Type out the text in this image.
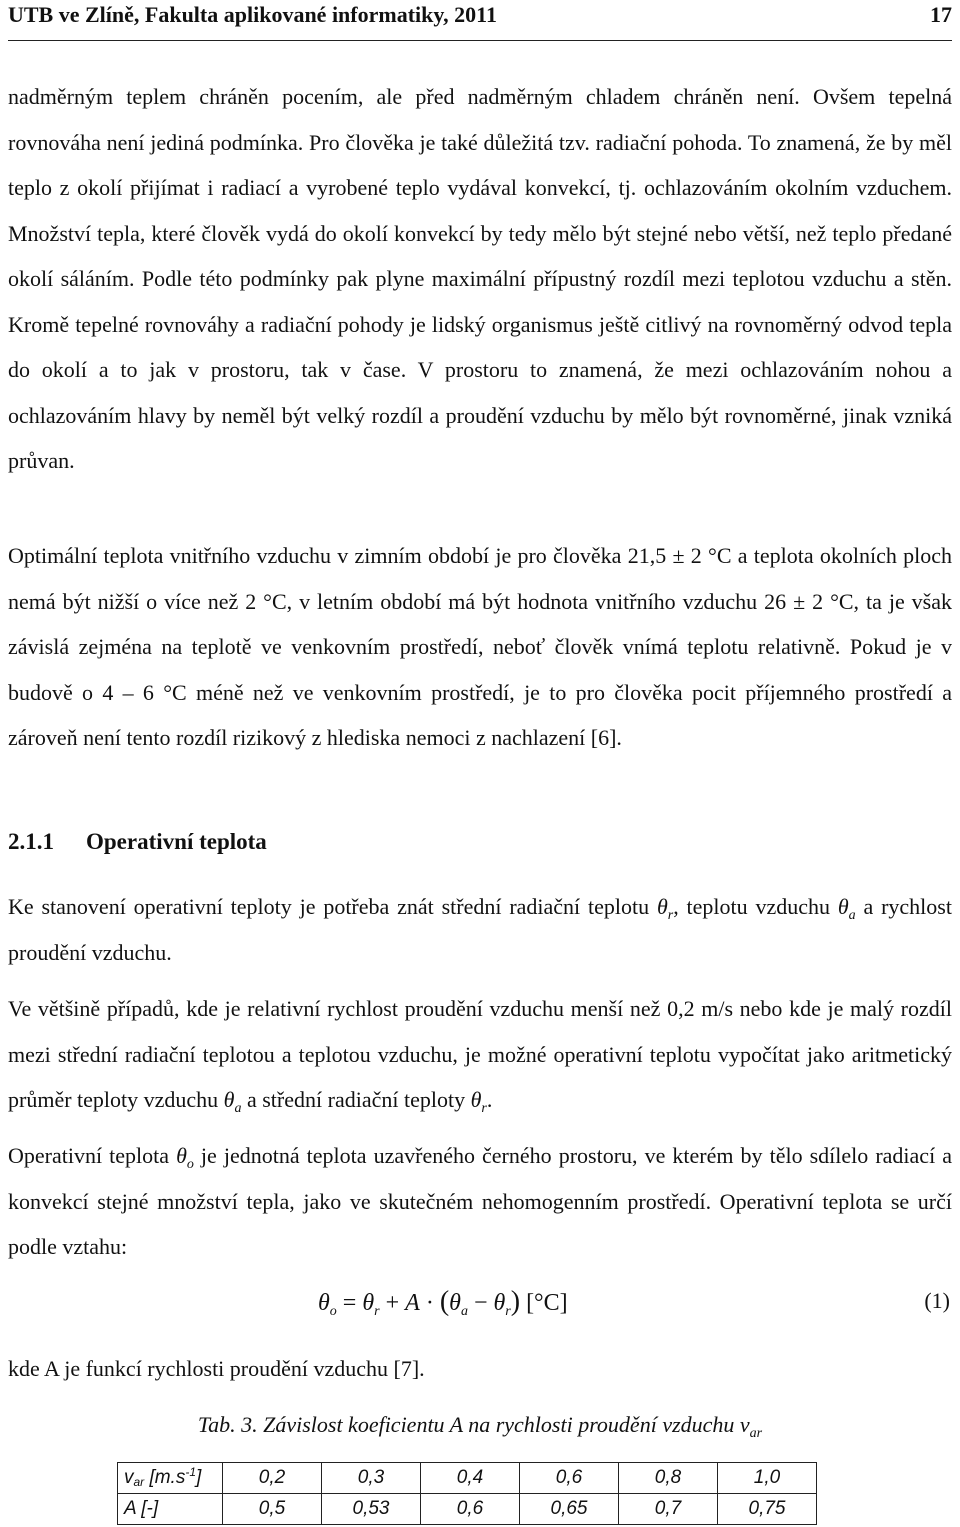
UTB ve Zlíně, Fakulta aplikované informatiky, 2011	17

nadměrným teplem chráněn pocením, ale před nadměrným chladem chráněn není. Ovšem tepelná rovnováha není jediná podmínka. Pro člověka je také důležitá tzv. radiační pohoda. To znamená, že by měl teplo z okolí přijímat i radiací a vyrobené teplo vydával konvekcí, tj. ochlazováním okolním vzduchem. Množství tepla, které člověk vydá do okolí konvekcí by tedy mělo být stejné nebo větší, než teplo předané okolí sáláním. Podle této podmínky pak plyne maximální přípustný rozdíl mezi teplotou vzduchu a stěn. Kromě tepelné rovnováhy a radiační pohody je lidský organismus ještě citlivý na rovnoměrný odvod tepla do okolí a to jak v prostoru, tak v čase. V prostoru to znamená, že mezi ochlazováním nohou a ochlazováním hlavy by neměl být velký rozdíl a proudění vzduchu by mělo být rovnoměrné, jinak vzniká průvan.

Optimální teplota vnitřního vzduchu v zimním období je pro člověka 21,5 ± 2 °C a teplota okolních ploch nemá být nižší o více než 2 °C, v letním období má být hodnota vnitřního vzduchu 26 ± 2 °C, ta je však závislá zejména na teplotě ve venkovním prostředí, neboť člověk vnímá teplotu relativně. Pokud je v budově o 4 – 6 °C méně než ve venkovním prostředí, je to pro člověka pocit příjemného prostředí a zároveň není tento rozdíl rizikový z hlediska nemoci z nachlazení [6].

2.1.1 Operativní teplota

Ke stanovení operativní teploty je potřeba znát střední radiační teplotu $\theta_r$, teplotu vzduchu $\theta_a$ a rychlost proudění vzduchu.

Ve většině případů, kde je relativní rychlost proudění vzduchu menší než 0,2 m/s nebo kde je malý rozdíl mezi střední radiační teplotou a teplotou vzduchu, je možné operativní teplotu vypočítat jako aritmetický průměr teploty vzduchu $\theta_a$ a střední radiační teploty $\theta_r$.

Operativní teplota $\theta_o$ je jednotná teplota uzavřeného černého prostoru, ve kterém by tělo sdílelo radiací a konvekcí stejné množství tepla, jako ve skutečném nehomogenním prostředí. Operativní teplota se určí podle vztahu:

$\theta_o = \theta_r + A \cdot (\theta_a - \theta_r)$ [°C]	(1)

kde A je funkcí rychlosti proudění vzduchu [7].

Tab. 3. Závislost koeficientu A na rychlosti proudění vzduchu $v_{ar}$
$v_{ar}$ $[m.s^{-1}]$	0,2	0,3	0,4	0,6	0,8	1,0
A [-]	0,5	0,53	0,6	0,65	0,7	0,75
